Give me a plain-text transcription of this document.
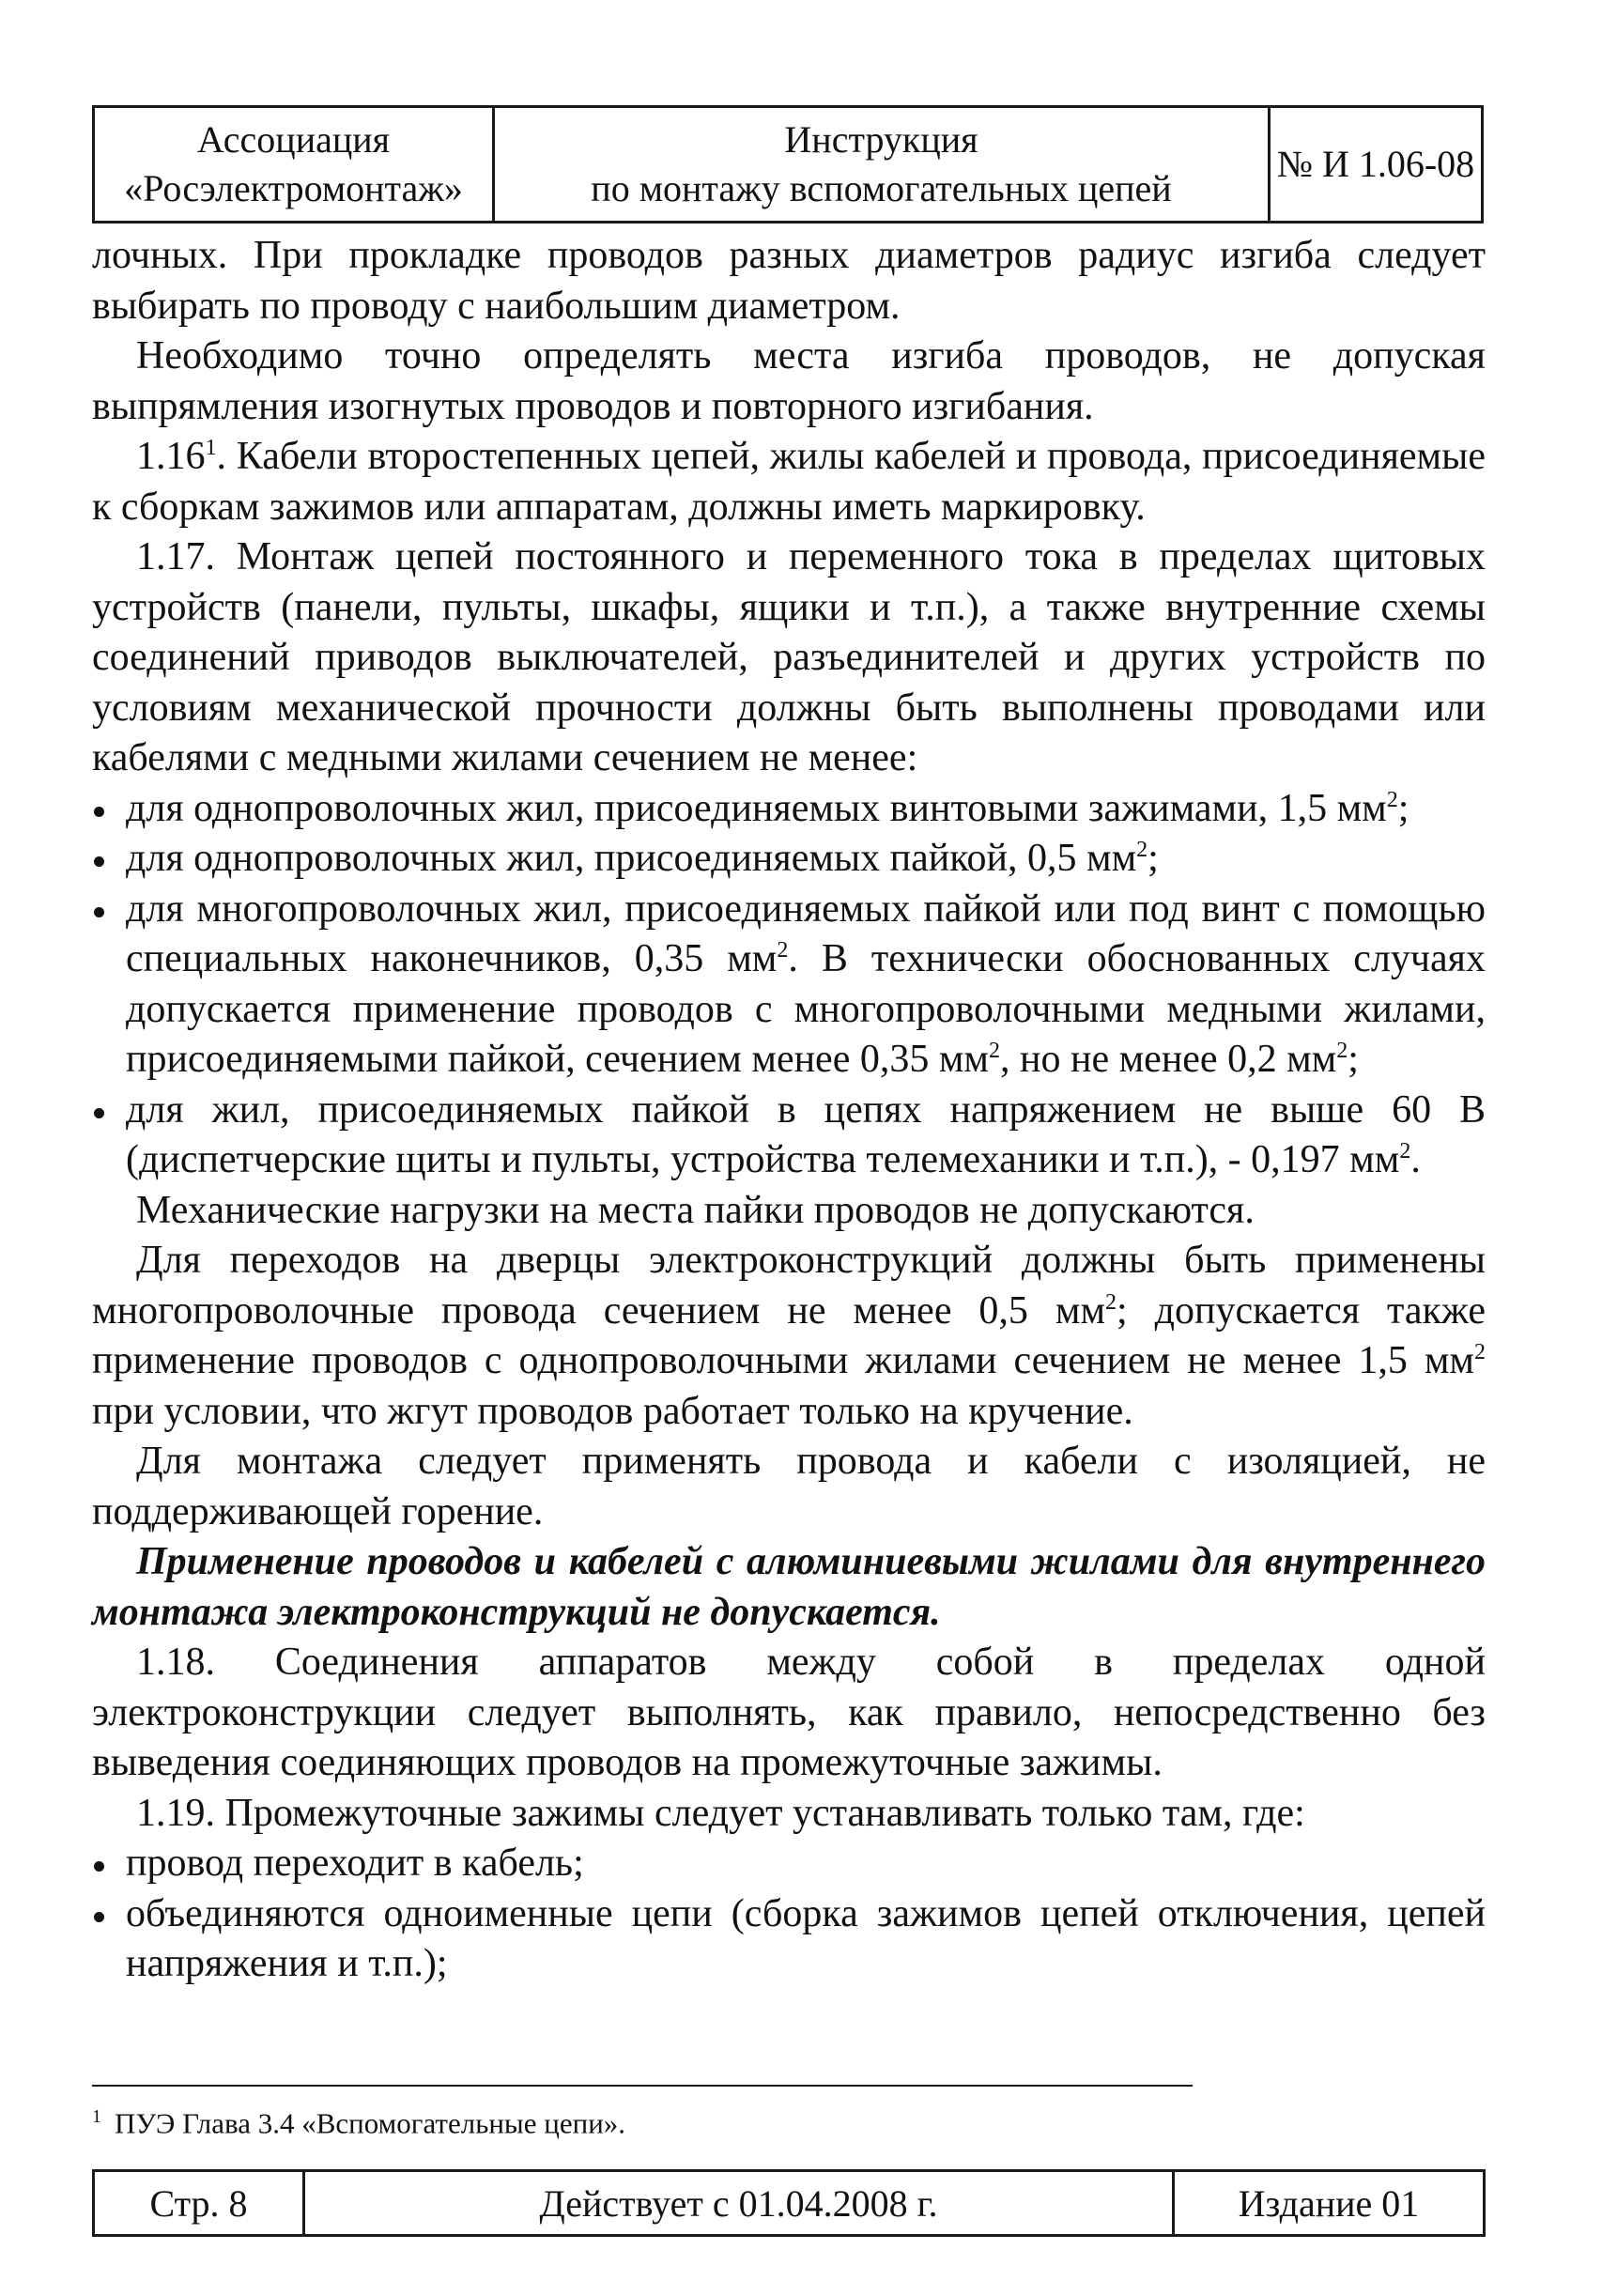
Ассоциация
«Росэлектромонтаж»
Инструкция
по монтажу вспомогательных цепей
№ И 1.06-08

лочных. При прокладке проводов разных диаметров радиус изгиба следует выбирать по проводу с наибольшим диаметром.

Необходимо точно определять места изгиба проводов, не допуская выпрямления изогнутых проводов и повторного изгибания.

1.16$^1$. Кабели второстепенных цепей, жилы кабелей и провода, присоединяемые к сборкам зажимов или аппаратам, должны иметь маркировку.

1.17. Монтаж цепей постоянного и переменного тока в пределах щитовых устройств (панели, пульты, шкафы, ящики и т.п.), а также внутренние схемы соединений приводов выключателей, разъединителей и других устройств по условиям механической прочности должны быть выполнены проводами или кабелями с медными жилами сечением не менее:

для однопроволочных жил, присоединяемых винтовыми зажимами, 1,5 $мм^2$;
для однопроволочных жил, присоединяемых пайкой, 0,5 $мм^2$;
для многопроволочных жил, присоединяемых пайкой или под винт с помощью специальных наконечников, 0,35 $мм^2$. В технически обоснованных случаях допускается применение проводов с многопроволочными медными жилами, присоединяемыми пайкой, сечением менее 0,35 $мм^2$, но не менее 0,2 $мм^2$;
для жил, присоединяемых пайкой в цепях напряжением не выше 60 В (диспетчерские щиты и пульты, устройства телемеханики и т.п.), - 0,197 $мм^2$.

Механические нагрузки на места пайки проводов не допускаются.

Для переходов на дверцы электроконструкций должны быть применены многопроволочные провода сечением не менее 0,5 $мм^2$; допускается также применение проводов с однопроволочными жилами сечением не менее 1,5 $мм^2$ при условии, что жгут проводов работает только на кручение.

Для монтажа следует применять провода и кабели с изоляцией, не поддерживающей горение.

Применение проводов и кабелей с алюминиевыми жилами для внутреннего монтажа электроконструкций не допускается.

1.18. Соединения аппаратов между собой в пределах одной электроконструкции следует выполнять, как правило, непосредственно без выведения соединяющих проводов на промежуточные зажимы.

1.19. Промежуточные зажимы следует устанавливать только там, где:

провод переходит в кабель;
объединяются одноименные цепи (сборка зажимов цепей отключения, цепей напряжения и т.п.);
$^1$ ПУЭ Глава 3.4 «Вспомогательные цепи».
Стр. 8	Действует с 01.04.2008 г.	Издание 01
